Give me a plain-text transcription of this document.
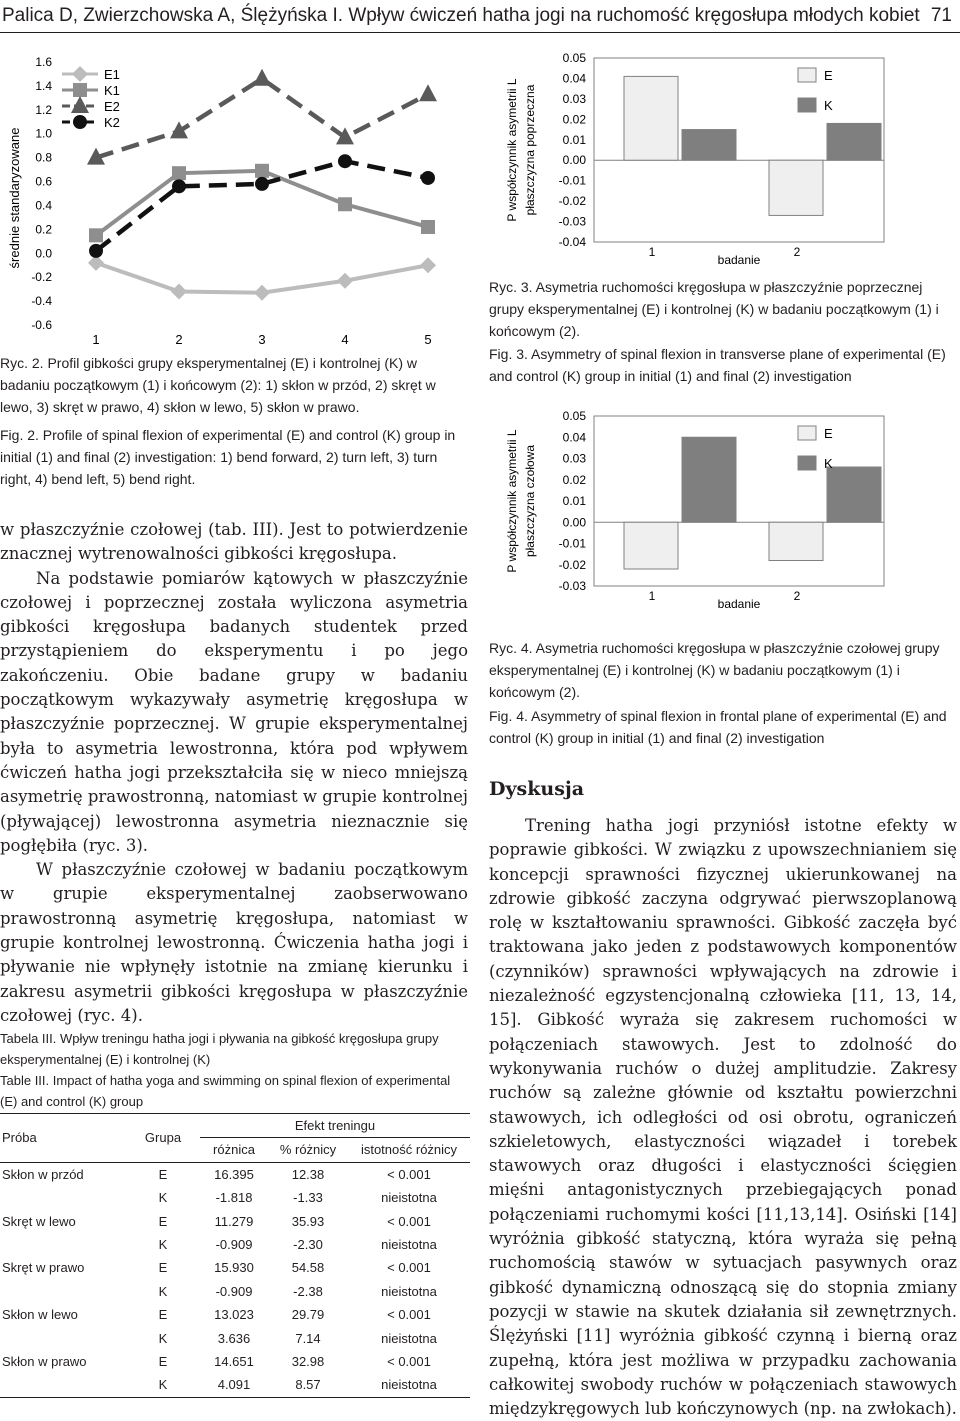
Palica D, Zwierzchowska A, Ślężyńska I. Wpływ ćwiczeń hatha jogi na ruchomość kręgosłupa młodych kobiet 71
średnie standaryzowane
1.6
1.4
1.2
1.0
0.8
0.6
0.4
0.2
0.0
-0.2
-0.4
-0.6
1	2	3	4	5
E1
K1
E2
K2
Ryc. 2. Profil gibkości grupy eksperymentalnej (E) i kontrolnej (K) w badaniu początkowym (1) i końcowym (2): 1) skłon w przód, 2) skręt w lewo, 3) skręt w prawo, 4) skłon w lewo, 5) skłon w prawo.
Fig. 2. Profile of spinal flexion of experimental (E) and control (K) group in initial (1) and final (2) investigation: 1) bend forward, 2) turn left, 3) turn right, 4) bend left, 5) bend right.

w płaszczyźnie czołowej (tab. III). Jest to potwierdzenie znacznej wytrenowalności gibkości kręgosłupa.

Na podstawie pomiarów kątowych w płaszczyźnie czołowej i poprzecznej została wyliczona asymetria gibkości kręgosłupa badanych studentek przed przystąpieniem do eksperymentu i po jego zakończeniu. Obie badane grupy w badaniu początkowym wykazywały asymetrię kręgosłupa w płaszczyźnie poprzecznej. W grupie eksperymentalnej była to asymetria lewostronna, która pod wpływem ćwiczeń hatha jogi przekształciła się w nieco mniejszą asymetrię prawostronną, natomiast w grupie kontrolnej (pływającej) lewostronna asymetria nieznacznie się pogłębiła (ryc. 3).

W płaszczyźnie czołowej w badaniu początkowym w grupie eksperymentalnej zaobserwowano prawostronną asymetrię kręgosłupa, natomiast w grupie kontrolnej lewostronną. Ćwiczenia hatha jogi i pływanie nie wpłynęły istotnie na zmianę kierunku i zakresu asymetrii gibkości kręgosłupa w płaszczyźnie czołowej (ryc. 4).

Tabela III. Wpływ treningu hatha jogi i pływania na gibkość kręgosłupa grupy eksperymentalnej (E) i kontrolnej (K)
Table III. Impact of hatha yoga and swimming on spinal flexion of experimental (E) and control (K) group
Próba	Grupa	Efekt treningu		
		różnica	% różnicy	istotność różnicy
Skłon w przód	E	16.395	12.38	< 0.001
	K	-1.818	-1.33	nieistotna
Skręt w lewo	E	11.279	35.93	< 0.001
	K	-0.909	-2.30	nieistotna
Skręt w prawo	E	15.930	54.58	< 0.001
	K	-0.909	-2.38	nieistotna
Skłon w lewo	E	13.023	29.79	< 0.001
	K	3.636	7.14	nieistotna
Skłon w prawo	E	14.651	32.98	< 0.001
	K	4.091	8.57	nieistotna
P współczynnik asymetrii L płaszczyzna poprzeczna
0.05
0.04
0.03
0.02
0.01
0.00
-0.01
-0.02
-0.03
-0.04
1	2
badanie
E
K
Ryc. 3. Asymetria ruchomości kręgosłupa w płaszczyźnie poprzecznej grupy eksperymentalnej (E) i kontrolnej (K) w badaniu początkowym (1) i końcowym (2).
Fig. 3. Asymmetry of spinal flexion in transverse plane of experimental (E) and control (K) group in initial (1) and final (2) investigation
P współczynnik asymetrii L płaszczyzna czołowa
0.05
0.04
0.03
0.02
0.01
0.00
-0.01
-0.02
-0.03
1	2
badanie
E
K
Ryc. 4. Asymetria ruchomości kręgosłupa w płaszczyźnie czołowej grupy eksperymentalnej (E) i kontrolnej (K) w badaniu początkowym (1) i końcowym (2).
Fig. 4. Asymmetry of spinal flexion in frontal plane of experimental (E) and control (K) group in initial (1) and final (2) investigation
Dyskusja

Trening hatha jogi przyniósł istotne efekty w poprawie gibkości. W związku z upowszechnianiem się koncepcji sprawności fizycznej ukierunkowanej na zdrowie gibkość zaczyna odgrywać pierwszoplanową rolę w kształtowaniu sprawności. Gibkość zaczęła być traktowana jako jeden z podstawowych komponentów (czynników) sprawności wpływających na zdrowie i niezależność egzystencjonalną człowieka [11, 13, 14, 15]. Gibkość wyraża się zakresem ruchomości w połączeniach stawowych. Jest to zdolność do wykonywania ruchów o dużej amplitudzie. Zakresy ruchów są zależne głównie od kształtu powierzchni stawowych, ich odległości od osi obrotu, ograniczeń szkieletowych, elastyczności wiązadeł i torebek stawowych oraz długości i elastyczności ścięgien mięśni antagonistycznych przebiegających ponad połączeniami ruchomymi kości [11,13,14]. Osiński [14] wyróżnia gibkość statyczną, która wyraża się pełną ruchomością stawów w sytuacjach pasywnych oraz gibkość dynamiczną odnoszącą się do stopnia zmiany pozycji w stawie na skutek działania sił zewnętrznych. Ślężyński [11] wyróżnia gibkość czynną i bierną oraz zupełną, która jest możliwa w przypadku zachowania całkowitej swobody ruchów w połączeniach stawowych międzykręgowych lub kończynowych (np. na zwłokach).
